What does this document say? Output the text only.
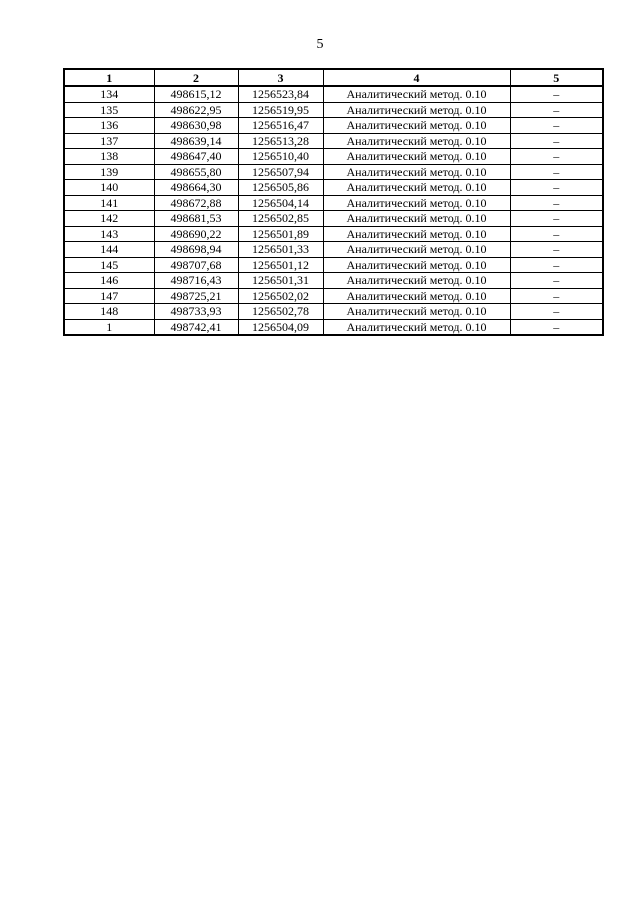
5
1	2	3	4	5
134	498615,12	1256523,84	Аналитический метод. 0.10	–
135	498622,95	1256519,95	Аналитический метод. 0.10	–
136	498630,98	1256516,47	Аналитический метод. 0.10	–
137	498639,14	1256513,28	Аналитический метод. 0.10	–
138	498647,40	1256510,40	Аналитический метод. 0.10	–
139	498655,80	1256507,94	Аналитический метод. 0.10	–
140	498664,30	1256505,86	Аналитический метод. 0.10	–
141	498672,88	1256504,14	Аналитический метод. 0.10	–
142	498681,53	1256502,85	Аналитический метод. 0.10	–
143	498690,22	1256501,89	Аналитический метод. 0.10	–
144	498698,94	1256501,33	Аналитический метод. 0.10	–
145	498707,68	1256501,12	Аналитический метод. 0.10	–
146	498716,43	1256501,31	Аналитический метод. 0.10	–
147	498725,21	1256502,02	Аналитический метод. 0.10	–
148	498733,93	1256502,78	Аналитический метод. 0.10	–
1	498742,41	1256504,09	Аналитический метод. 0.10	–
